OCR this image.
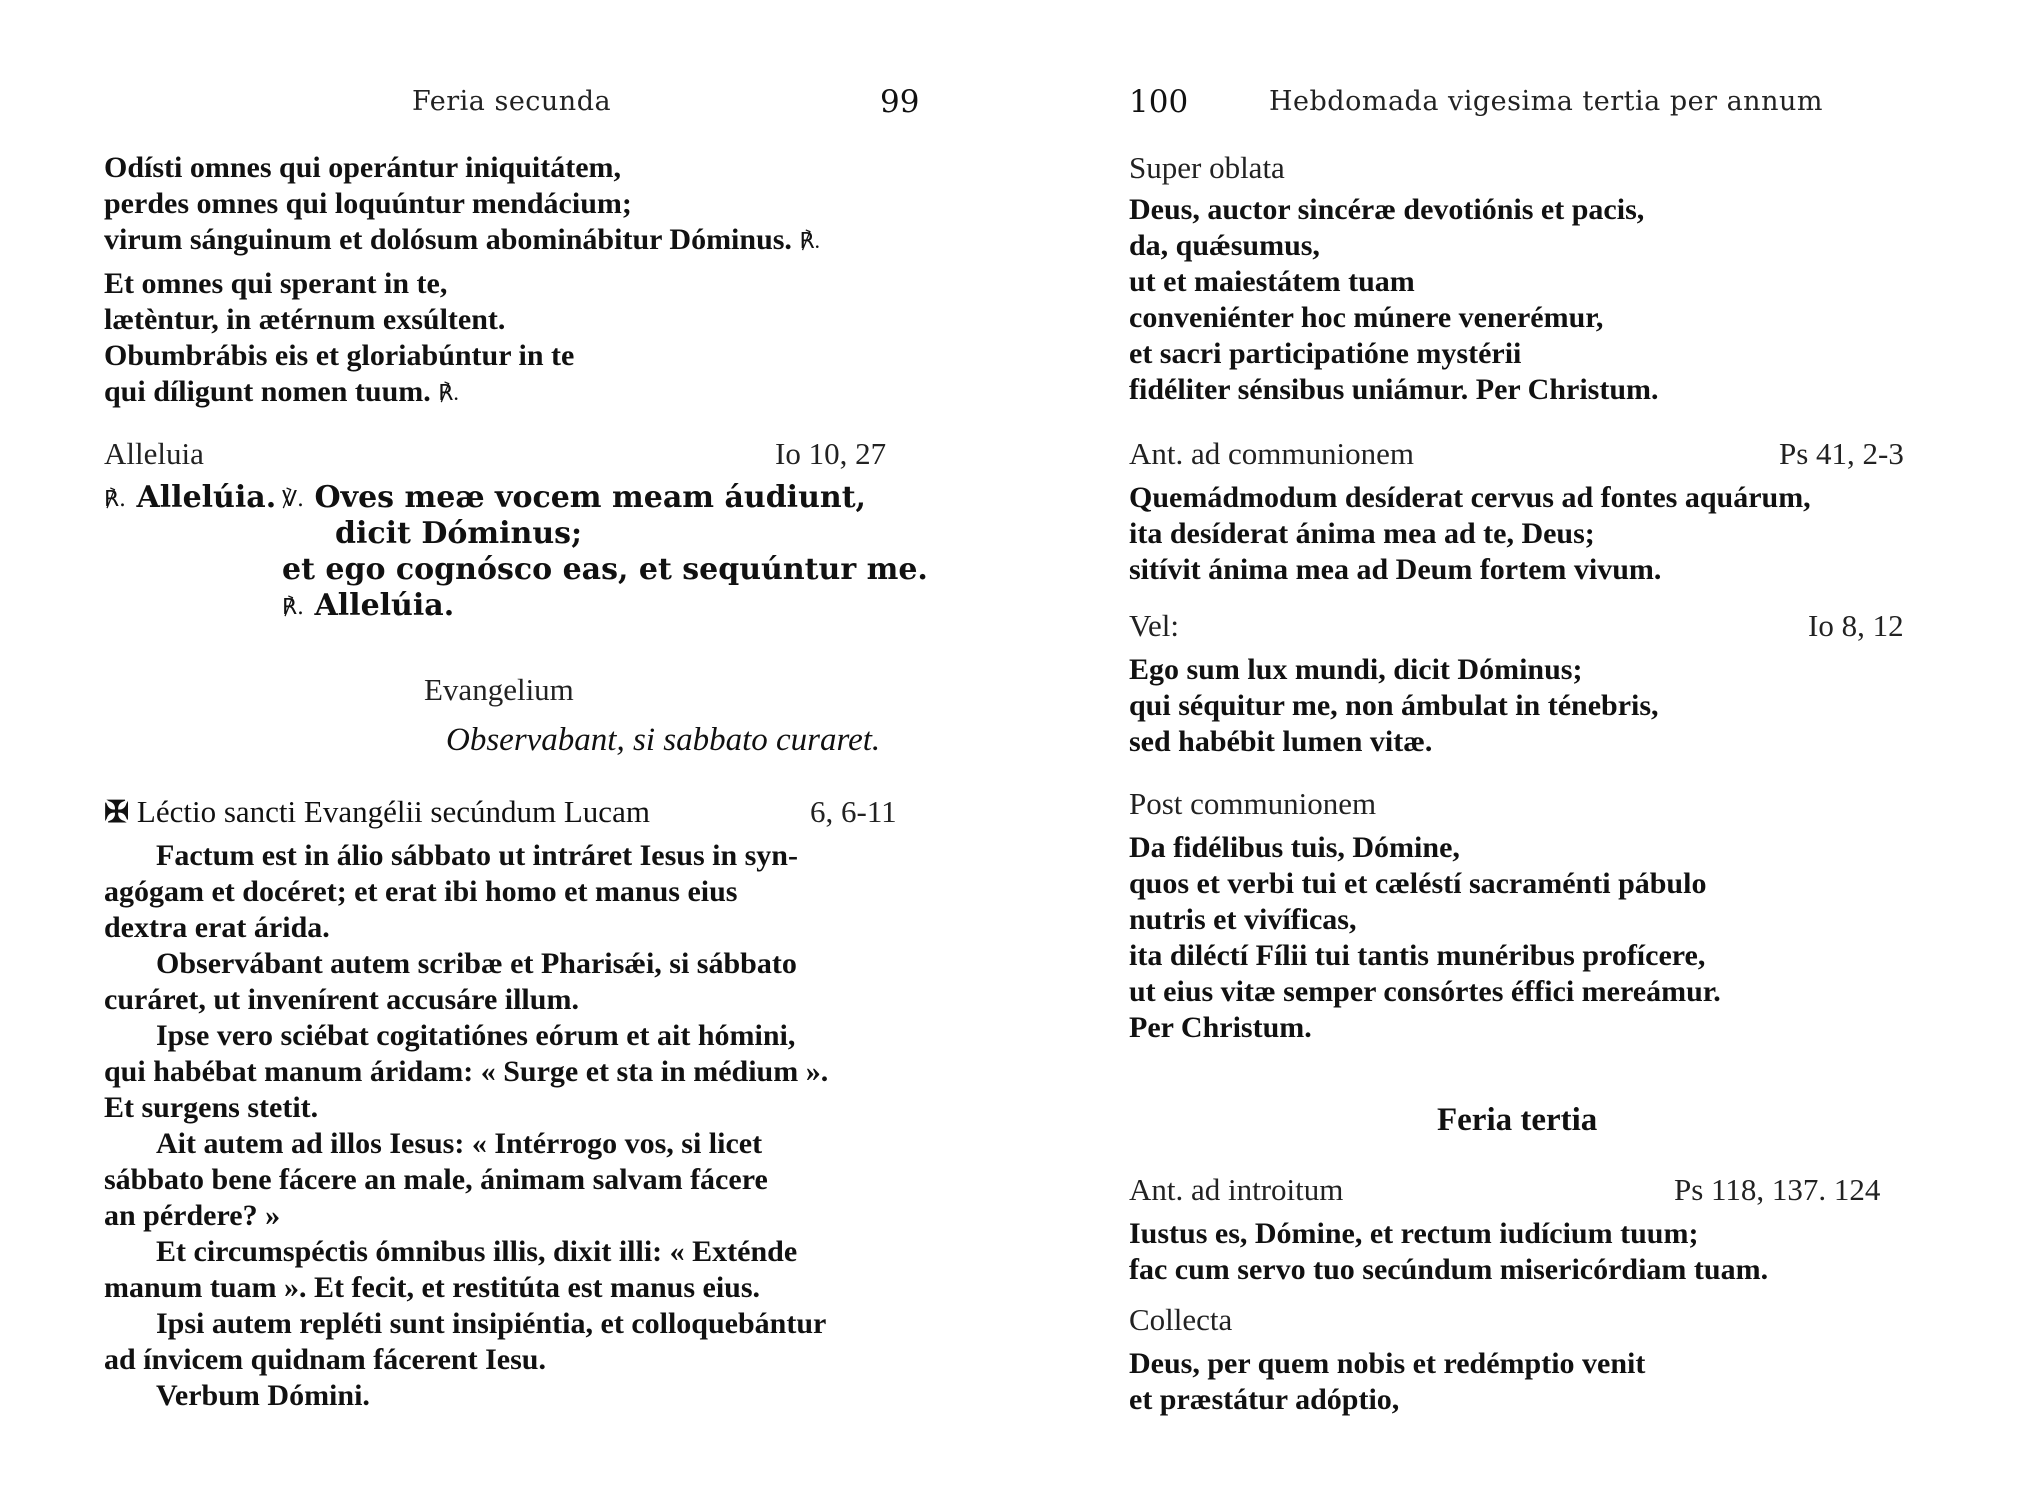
Feria secunda	99
Odísti omnes qui operántur iniquitátem,
perdes omnes qui loquúntur mendácium;
virum sánguinum et dolósum abominábitur Dóminus. ℟.
Et omnes qui sperant in te,
lætèntur, in ætérnum exsúltent.
Obumbrábis eis et gloriabúntur in te
qui díligunt nomen tuum. ℟.
Alleluia	Io 10, 27
℟. Allelúia. ℣. Oves meæ vocem meam áudiunt,
dicit Dóminus;
et ego cognósco eas, et sequúntur me.
℟. Allelúia.
Evangelium
Observabant, si sabbato curaret.
✠ Léctio sancti Evangélii secúndum Lucam	6, 6-11
Factum est in álio sábbato ut intráret Iesus in syn-
agógam et docéret; et erat ibi homo et manus eius
dextra erat árida.
Observábant autem scribæ et Pharisǽi, si sábbato
curáret, ut invenírent accusáre illum.
Ipse vero sciébat cogitatiónes eórum et ait hómini,
qui habébat manum áridam: « Surge et sta in médium ».
Et surgens stetit.
Ait autem ad illos Iesus: « Intérrogo vos, si licet
sábbato bene fácere an male, ánimam salvam fácere
an pérdere? »
Et circumspéctis ómnibus illis, dixit illi: « Exténde
manum tuam ». Et fecit, et restitúta est manus eius.
Ipsi autem repléti sunt insipiéntia, et colloquebántur
ad ínvicem quidnam fácerent Iesu.
Verbum Dómini.
100	Hebdomada vigesima tertia per annum
Super oblata
Deus, auctor sincéræ devotiónis et pacis,
da, quǽsumus,
ut et maiestátem tuam
conveniénter hoc múnere venerémur,
et sacri participatióne mystérii
fidéliter sénsibus uniámur. Per Christum.
Ant. ad communionem	Ps 41, 2-3
Quemádmodum desíderat cervus ad fontes aquárum,
ita desíderat ánima mea ad te, Deus;
sitívit ánima mea ad Deum fortem vivum.
Vel:	Io 8, 12
Ego sum lux mundi, dicit Dóminus;
qui séquitur me, non ámbulat in ténebris,
sed habébit lumen vitæ.
Post communionem
Da fidélibus tuis, Dómine,
quos et verbi tui et cæléstí sacraménti pábulo
nutris et vivíficas,
ita diléctí Fílii tui tantis munéribus profícere,
ut eius vitæ semper consórtes éffici mereámur.
Per Christum.
Feria tertia
Ant. ad introitum	Ps 118, 137. 124
Iustus es, Dómine, et rectum iudícium tuum;
fac cum servo tuo secúndum misericórdiam tuam.
Collecta
Deus, per quem nobis et redémptio venit
et præstátur adóptio,
